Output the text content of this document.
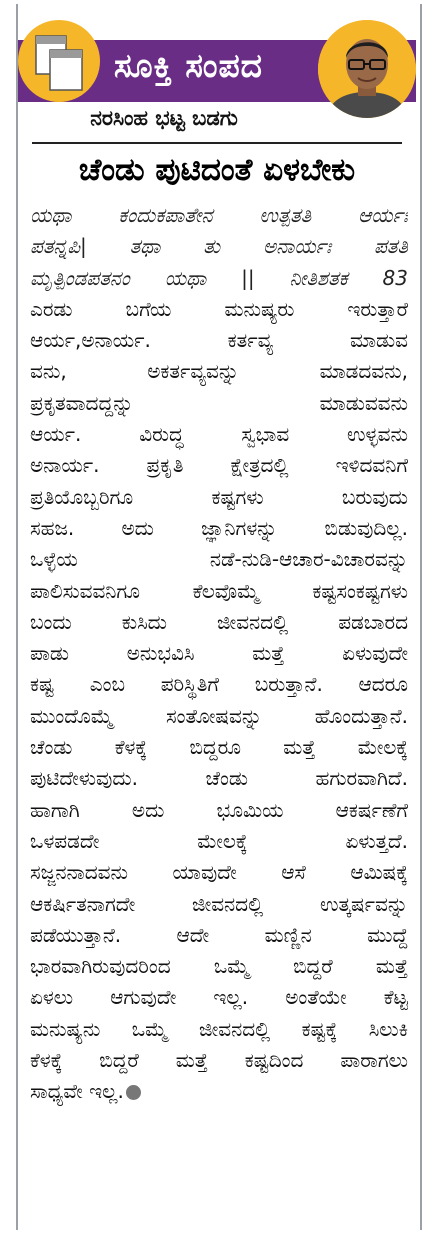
ಸೂಕ್ತಿ ಸಂಪದ
ನರಸಿಂಹ ಭಟ್ಟ ಬಡಗು
ಚೆಂಡು ಪುಟಿದಂತೆ ಏಳಬೇಕು
ಯಥಾ ಕಂದುಕಪಾತೇನ ಉತ್ಪತತಿ ಆರ್ಯಃ
ಪತನ್ನಪಿ| ತಥಾ ತು ಅನಾರ್ಯಃ ಪತತಿ
ಮೃತ್ಪಿಂಡಪತನಂ ಯಥಾ || ನೀತಿಶತಕ 83
ಎರಡು ಬಗೆಯ ಮನುಷ್ಯರು ಇರುತ್ತಾರೆ
ಆರ್ಯ,ಅನಾರ್ಯ. ಕರ್ತವ್ಯ ಮಾಡುವ
ವನು, ಅಕರ್ತವ್ಯವನ್ನು ಮಾಡದವನು,
ಪ್ರಕೃತವಾದದ್ದನ್ನು ಮಾಡುವವನು
ಆರ್ಯ. ವಿರುದ್ಧ ಸ್ವಭಾವ ಉಳ್ಳವನು
ಅನಾರ್ಯ. ಪ್ರಕೃತಿ ಕ್ಷೇತ್ರದಲ್ಲಿ ಇಳಿದವನಿಗೆ
ಪ್ರತಿಯೊಬ್ಬರಿಗೂ ಕಷ್ಟಗಳು ಬರುವುದು
ಸಹಜ. ಅದು ಜ್ಞಾನಿಗಳನ್ನು ಬಿಡುವುದಿಲ್ಲ.
ಒಳ್ಳೆಯ ನಡೆ-ನುಡಿ-ಆಚಾರ-ವಿಚಾರವನ್ನು
ಪಾಲಿಸುವವನಿಗೂ ಕೆಲವೊಮ್ಮೆ ಕಷ್ಟಸಂಕಷ್ಟಗಳು
ಬಂದು ಕುಸಿದು ಜೀವನದಲ್ಲಿ ಪಡಬಾರದ
ಪಾಡು ಅನುಭವಿಸಿ ಮತ್ತೆ ಏಳುವುದೇ
ಕಷ್ಟ ಎಂಬ ಪರಿಸ್ಥಿತಿಗೆ ಬರುತ್ತಾನೆ. ಆದರೂ
ಮುಂದೊಮ್ಮೆ ಸಂತೋಷವನ್ನು ಹೊಂದುತ್ತಾನೆ.
ಚೆಂಡು ಕೆಳಕ್ಕೆ ಬಿದ್ದರೂ ಮತ್ತೆ ಮೇಲಕ್ಕೆ
ಪುಟಿದೇಳುವುದು. ಚೆಂಡು ಹಗುರವಾಗಿದೆ.
ಹಾಗಾಗಿ ಅದು ಭೂಮಿಯ ಆಕರ್ಷಣೆಗೆ
ಒಳಪಡದೇ ಮೇಲಕ್ಕೆ ಏಳುತ್ತದೆ.
ಸಜ್ಜನನಾದವನು ಯಾವುದೇ ಆಸೆ ಆಮಿಷಕ್ಕೆ
ಆಕರ್ಷಿತನಾಗದೇ ಜೀವನದಲ್ಲಿ ಉತ್ಕರ್ಷವನ್ನು
ಪಡೆಯುತ್ತಾನೆ. ಆದೇ ಮಣ್ಣಿನ ಮುದ್ದೆ
ಭಾರವಾಗಿರುವುದರಿಂದ ಒಮ್ಮೆ ಬಿದ್ದರೆ ಮತ್ತೆ
ಏಳಲು ಆಗುವುದೇ ಇಲ್ಲ. ಅಂತೆಯೇ ಕೆಟ್ಟ
ಮನುಷ್ಯನು ಒಮ್ಮೆ ಜೀವನದಲ್ಲಿ ಕಷ್ಟಕ್ಕೆ ಸಿಲುಕಿ
ಕೆಳಕ್ಕೆ ಬಿದ್ದರೆ ಮತ್ತೆ ಕಷ್ಟದಿಂದ ಪಾರಾಗಲು
ಸಾಧ್ಯವೇ ಇಲ್ಲ.
